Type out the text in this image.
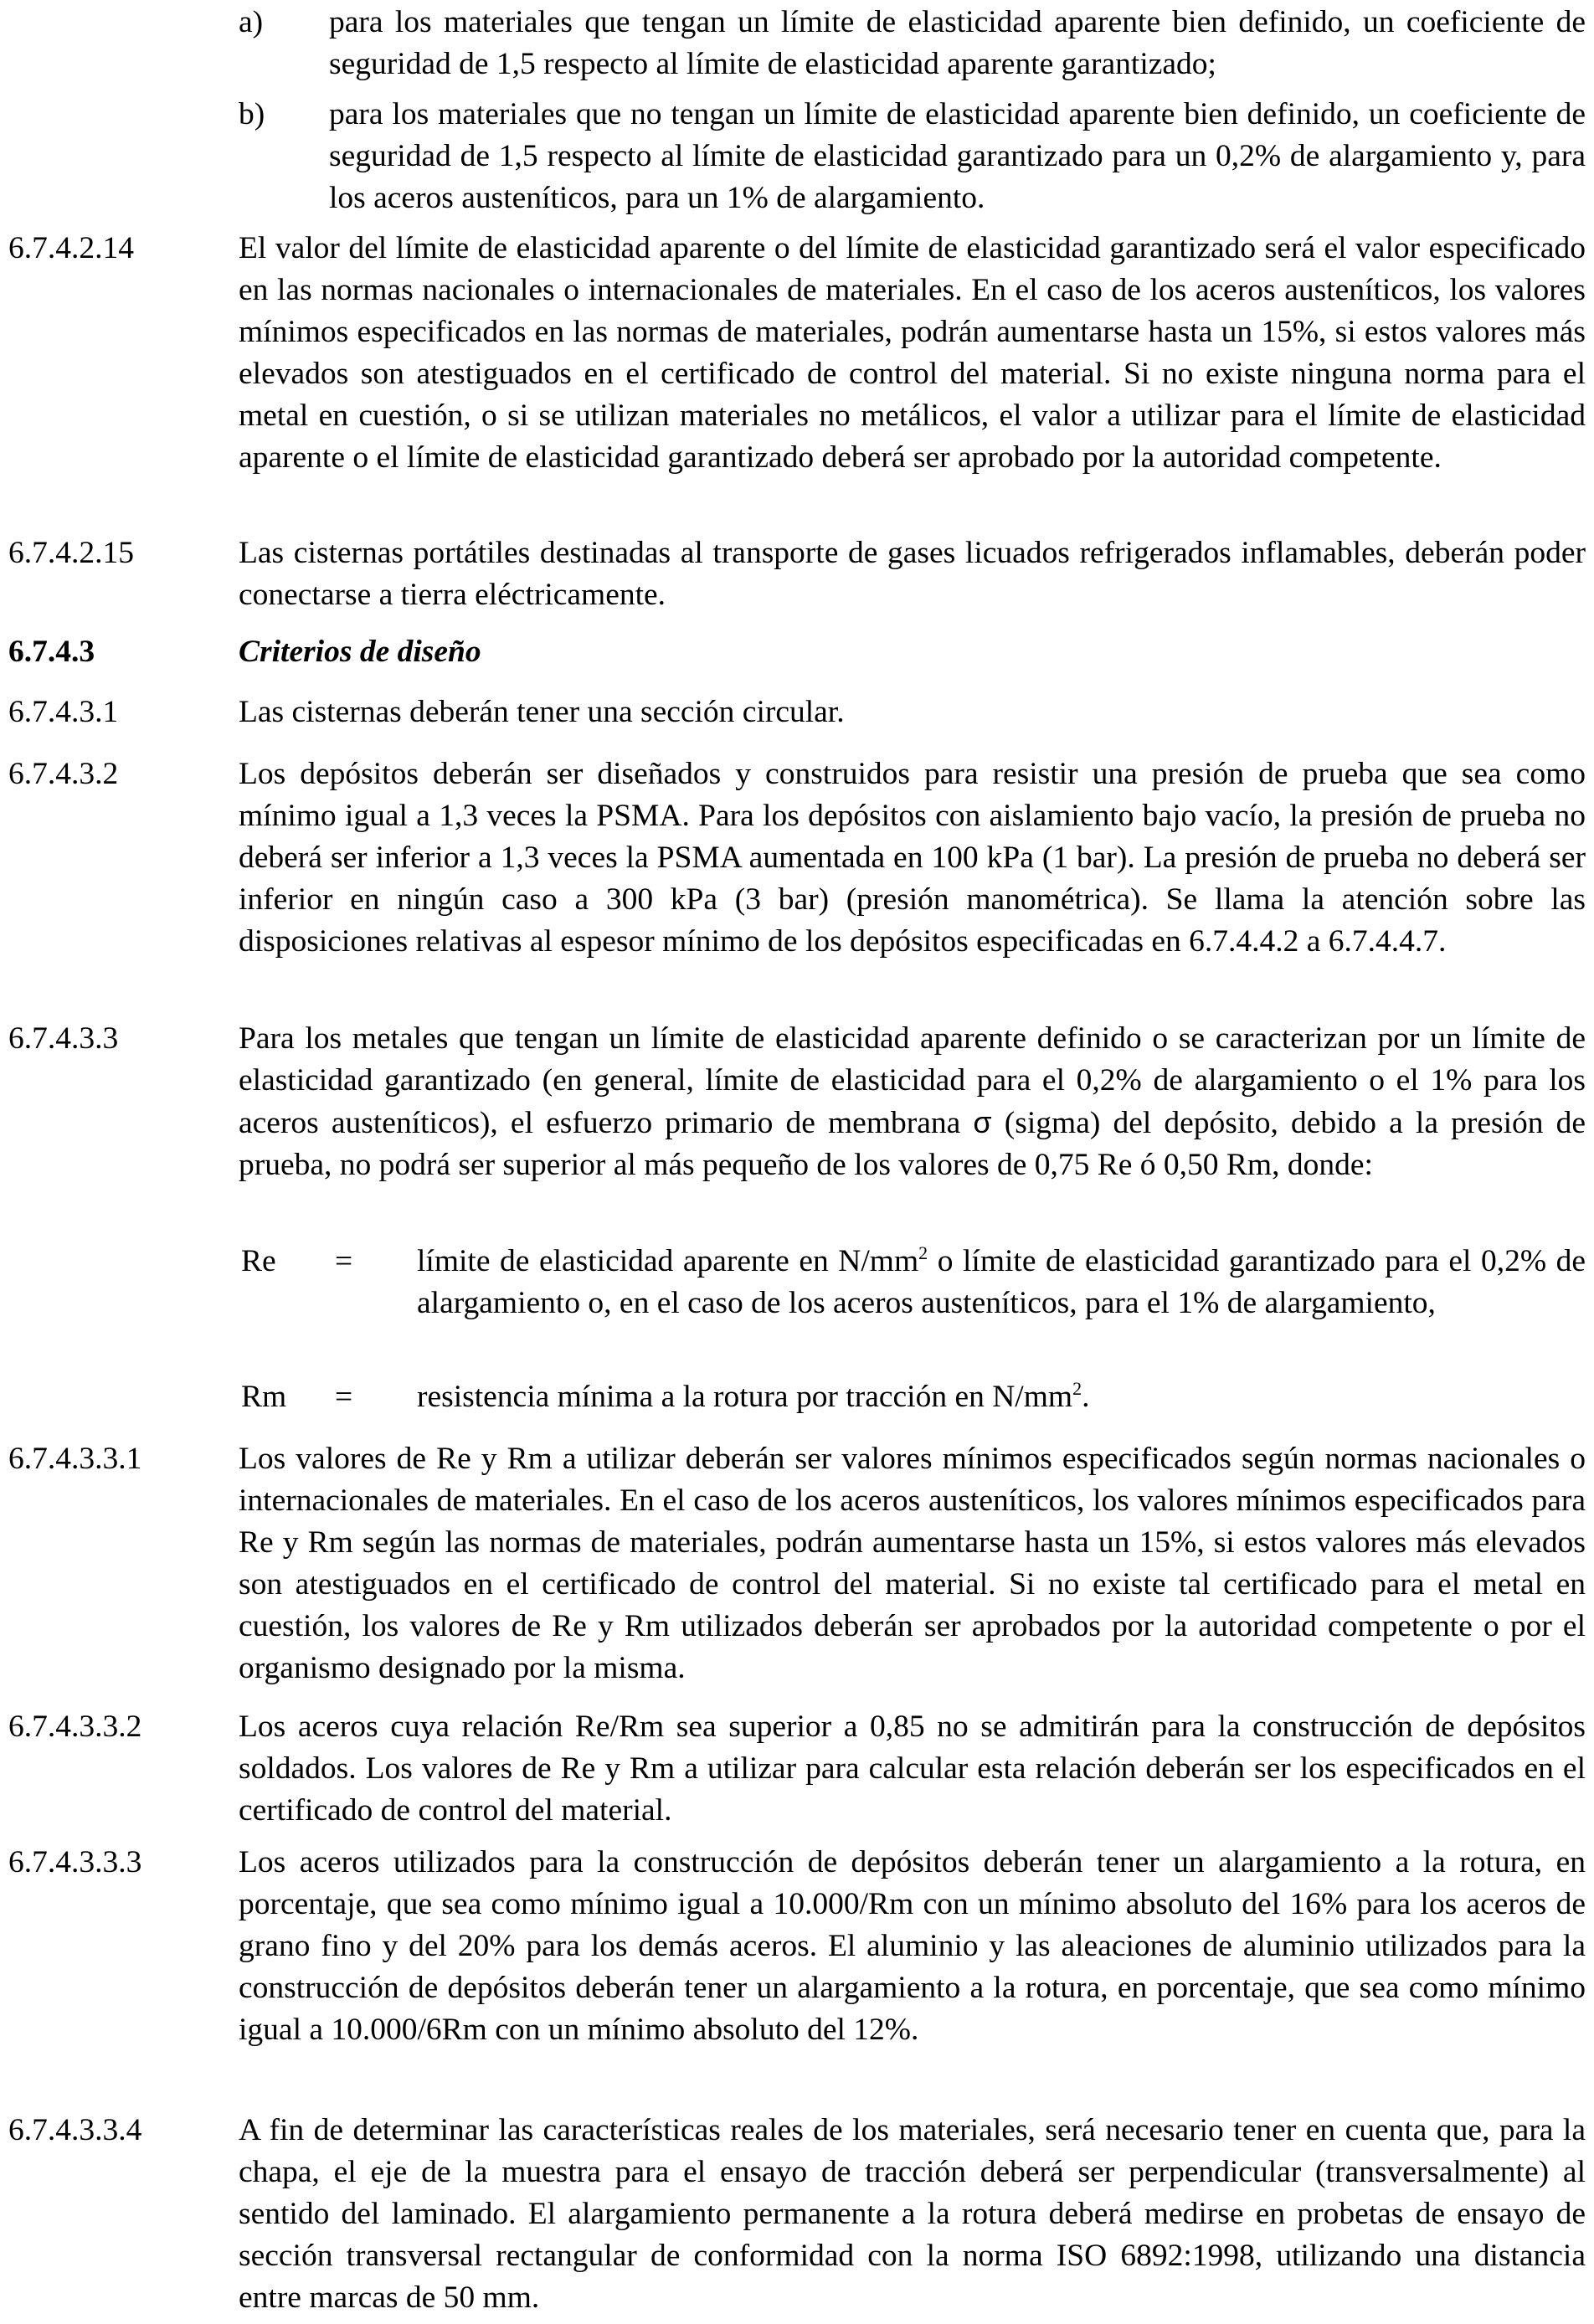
a) para los materiales que tengan un límite de elasticidad aparente bien definido, un coeficiente de seguridad de 1,5 respecto al límite de elasticidad aparente garantizado;

b) para los materiales que no tengan un límite de elasticidad aparente bien definido, un coeficiente de seguridad de 1,5 respecto al límite de elasticidad garantizado para un 0,2% de alargamiento y, para los aceros austeníticos, para un 1% de alargamiento.

6.7.4.2.14	El valor del límite de elasticidad aparente o del límite de elasticidad garantizado será el valor especificado en las normas nacionales o internacionales de materiales. En el caso de los aceros austeníticos, los valores mínimos especificados en las normas de materiales, podrán aumentarse hasta un 15%, si estos valores más elevados son atestiguados en el certificado de control del material. Si no existe ninguna norma para el metal en cuestión, o si se utilizan materiales no metálicos, el valor a utilizar para el límite de elasticidad aparente o el límite de elasticidad garantizado deberá ser aprobado por la autoridad competente.

6.7.4.2.15	Las cisternas portátiles destinadas al transporte de gases licuados refrigerados inflamables, deberán poder conectarse a tierra eléctricamente.

6.7.4.3	Criterios de diseño
6.7.4.3.1	Las cisternas deberán tener una sección circular.

6.7.4.3.2	Los depósitos deberán ser diseñados y construidos para resistir una presión de prueba que sea como mínimo igual a 1,3 veces la PSMA. Para los depósitos con aislamiento bajo vacío, la presión de prueba no deberá ser inferior a 1,3 veces la PSMA aumentada en 100 kPa (1 bar). La presión de prueba no deberá ser inferior en ningún caso a 300 kPa (3 bar) (presión manométrica). Se llama la atención sobre las disposiciones relativas al espesor mínimo de los depósitos especificadas en 6.7.4.4.2 a 6.7.4.4.7.

6.7.4.3.3	Para los metales que tengan un límite de elasticidad aparente definido o se caracterizan por un límite de elasticidad garantizado (en general, límite de elasticidad para el 0,2% de alargamiento o el 1% para los aceros austeníticos), el esfuerzo primario de membrana σ (sigma) del depósito, debido a la presión de prueba, no podrá ser superior al más pequeño de los valores de 0,75 Re ó 0,50 Rm, donde:

Re = límite de elasticidad aparente en $N/mm^2$ o límite de elasticidad garantizado para el 0,2% de alargamiento o, en el caso de los aceros austeníticos, para el 1% de alargamiento,

Rm = resistencia mínima a la rotura por tracción en $N/mm^2$.

6.7.4.3.3.1	Los valores de Re y Rm a utilizar deberán ser valores mínimos especificados según normas nacionales o internacionales de materiales. En el caso de los aceros austeníticos, los valores mínimos especificados para Re y Rm según las normas de materiales, podrán aumentarse hasta un 15%, si estos valores más elevados son atestiguados en el certificado de control del material. Si no existe tal certificado para el metal en cuestión, los valores de Re y Rm utilizados deberán ser aprobados por la autoridad competente o por el organismo designado por la misma.

6.7.4.3.3.2	Los aceros cuya relación Re/Rm sea superior a 0,85 no se admitirán para la construcción de depósitos soldados. Los valores de Re y Rm a utilizar para calcular esta relación deberán ser los especificados en el certificado de control del material.

6.7.4.3.3.3	Los aceros utilizados para la construcción de depósitos deberán tener un alargamiento a la rotura, en porcentaje, que sea como mínimo igual a 10.000/Rm con un mínimo absoluto del 16% para los aceros de grano fino y del 20% para los demás aceros. El aluminio y las aleaciones de aluminio utilizados para la construcción de depósitos deberán tener un alargamiento a la rotura, en porcentaje, que sea como mínimo igual a 10.000/6Rm con un mínimo absoluto del 12%.

6.7.4.3.3.4	A fin de determinar las características reales de los materiales, será necesario tener en cuenta que, para la chapa, el eje de la muestra para el ensayo de tracción deberá ser perpendicular (transversalmente) al sentido del laminado. El alargamiento permanente a la rotura deberá medirse en probetas de ensayo de sección transversal rectangular de conformidad con la norma ISO 6892:1998, utilizando una distancia entre marcas de 50 mm.
